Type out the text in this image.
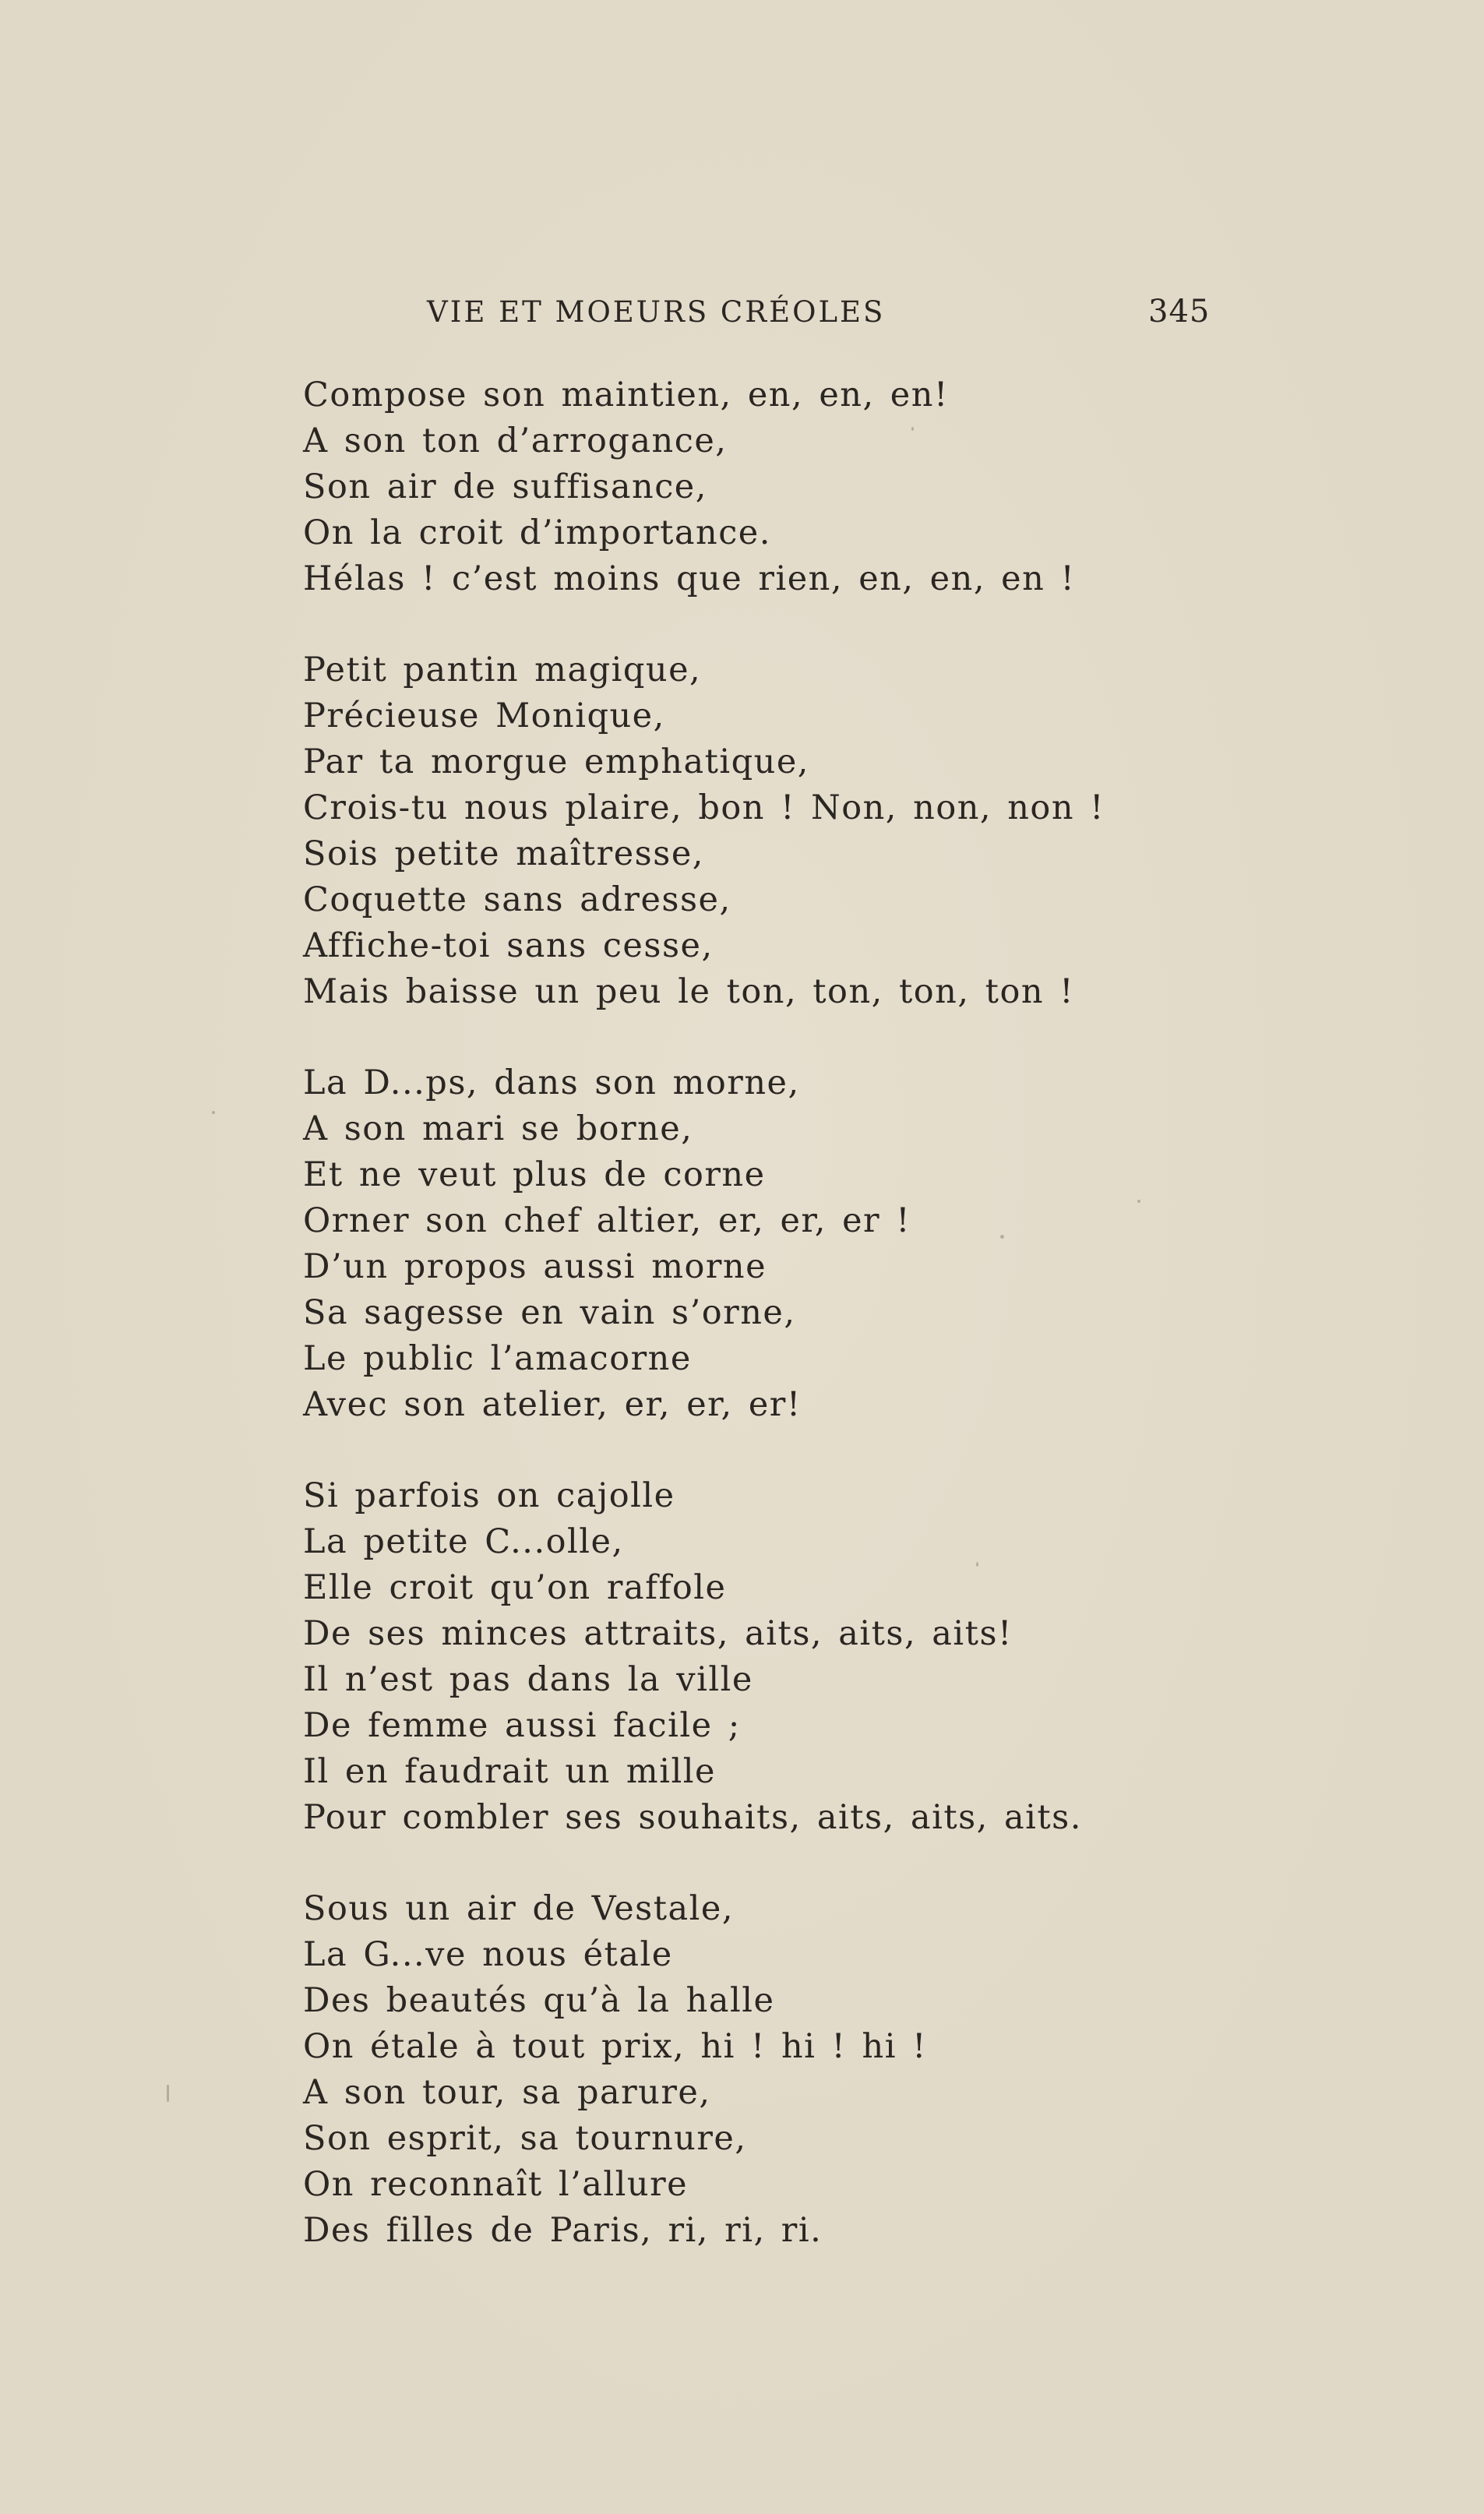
VIE ET MOEURS CRÉOLES	345
Compose son maintien, en, en, en!
A son ton d’arrogance,
Son air de suffisance,
On la croit d’importance.
Hélas ! c’est moins que rien, en, en, en !
Petit pantin magique,
Précieuse Monique,
Par ta morgue emphatique,
Crois-tu nous plaire, bon ! Non, non, non !
Sois petite maîtresse,
Coquette sans adresse,
Affiche-toi sans cesse,
Mais baisse un peu le ton, ton, ton, ton !
La D...ps, dans son morne,
A son mari se borne,
Et ne veut plus de corne
Orner son chef altier, er, er, er !
D’un propos aussi morne
Sa sagesse en vain s’orne,
Le public l’amacorne
Avec son atelier, er, er, er!
Si parfois on cajolle
La petite C...olle,
Elle croit qu’on raffole
De ses minces attraits, aits, aits, aits!
Il n’est pas dans la ville
De femme aussi facile ;
Il en faudrait un mille
Pour combler ses souhaits, aits, aits, aits.
Sous un air de Vestale,
La G...ve nous étale
Des beautés qu’à la halle
On étale à tout prix, hi ! hi ! hi !
A son tour, sa parure,
Son esprit, sa tournure,
On reconnaît l’allure
Des filles de Paris, ri, ri, ri.
